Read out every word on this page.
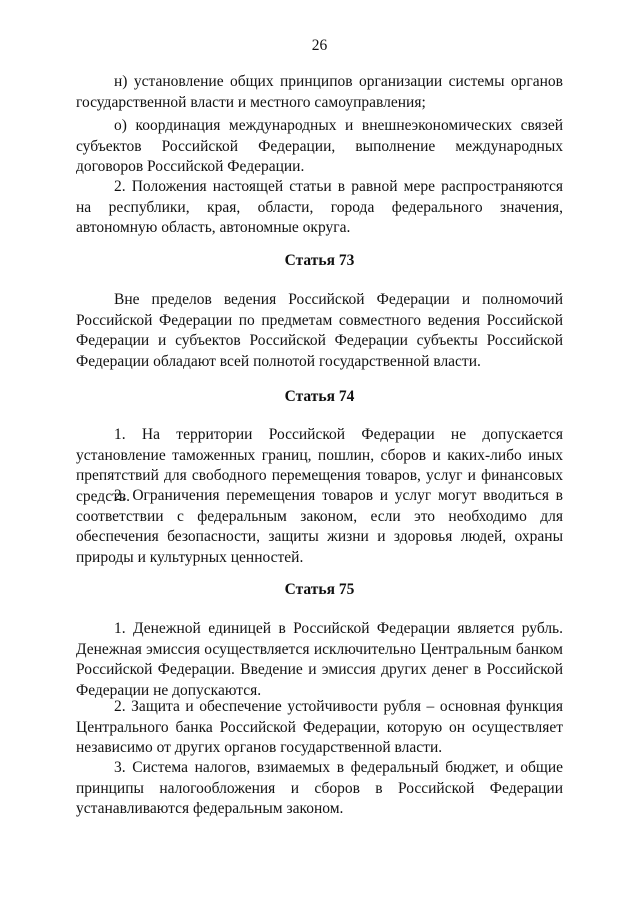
26

н) установление общих принципов организации системы органов государственной власти и местного самоуправления;

о) координация международных и внешнеэкономических связей субъектов Российской Федерации, выполнение международных договоров Российской Федерации.

2. Положения настоящей статьи в равной мере распространяются на республики, края, области, города федерального значения, автономную область, автономные округа.

Статья 73

Вне пределов ведения Российской Федерации и полномочий Российской Федерации по предметам совместного ведения Российской Федерации и субъектов Российской Федерации субъекты Российской Федерации обладают всей полнотой государственной власти.

Статья 74

1. На территории Российской Федерации не допускается установление таможенных границ, пошлин, сборов и каких-либо иных препятствий для свободного перемещения товаров, услуг и финансовых средств.

2. Ограничения перемещения товаров и услуг могут вводиться в соответствии с федеральным законом, если это необходимо для обеспечения безопасности, защиты жизни и здоровья людей, охраны природы и культурных ценностей.

Статья 75

1. Денежной единицей в Российской Федерации является рубль. Денежная эмиссия осуществляется исключительно Центральным банком Российской Федерации. Введение и эмиссия других денег в Российской Федерации не допускаются.

2. Защита и обеспечение устойчивости рубля – основная функция Центрального банка Российской Федерации, которую он осуществляет независимо от других органов государственной власти.

3. Система налогов, взимаемых в федеральный бюджет, и общие принципы налогообложения и сборов в Российской Федерации устанавливаются федеральным законом.
